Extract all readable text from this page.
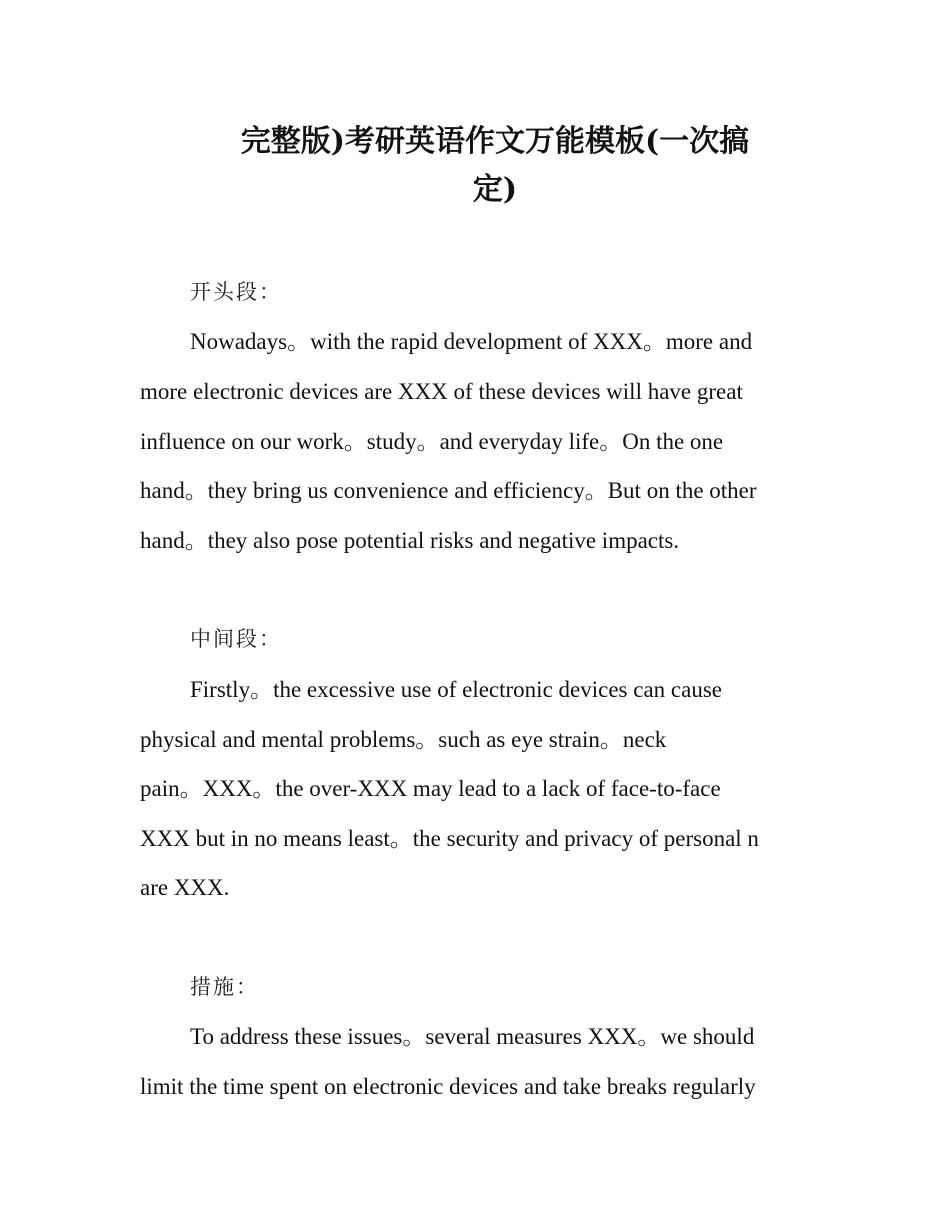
完整版)考研英语作文万能模板(一次搞
定)
开头段：
Nowadays。with the rapid development of XXX。more and
more electronic devices are XXX of these devices will have great
influence on our work。study。and everyday life。On the one
hand。they bring us convenience and efficiency。But on the other
hand。they also pose potential risks and negative impacts.
中间段：
Firstly。the excessive use of electronic devices can cause
physical and mental problems。such as eye strain。neck
pain。XXX。the over-XXX may lead to a lack of face-to-face
XXX but in no means least。the security and privacy of personal n
are XXX.
措施：
To address these issues。several measures XXX。we should
limit the time spent on electronic devices and take breaks regularly
